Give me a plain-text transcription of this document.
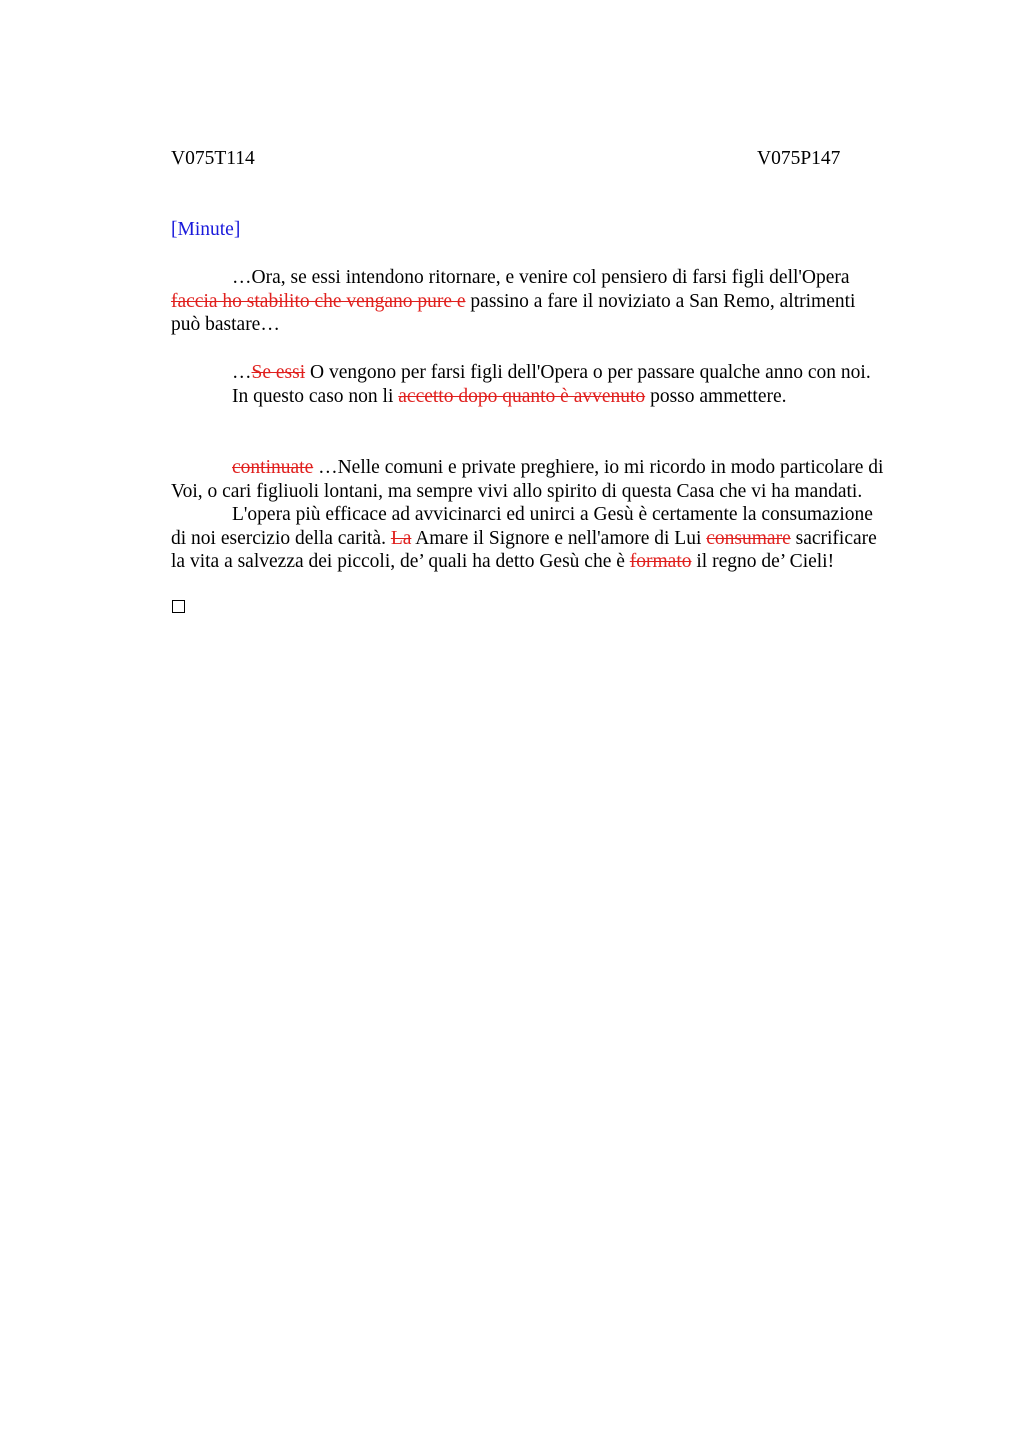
V075T114	V075P147
[Minute]
…Ora, se essi intendono ritornare, e venire col pensiero di farsi figli dell'Opera
faccia ho stabilito che vengano pure e passino a fare il noviziato a San Remo, altrimenti
può bastare…
…Se essi O vengono per farsi figli dell'Opera o per passare qualche anno con noi.
In questo caso non li accetto dopo quanto è avvenuto posso ammettere.
continuate …Nelle comuni e private preghiere, io mi ricordo in modo particolare di
Voi, o cari figliuoli lontani, ma sempre vivi allo spirito di questa Casa che vi ha mandati.
L'opera più efficace ad avvicinarci ed unirci a Gesù è certamente la consumazione
di noi esercizio della carità. La Amare il Signore e nell'amore di Lui consumare sacrificare
la vita a salvezza dei piccoli, de’ quali ha detto Gesù che è formato il regno de’ Cieli!
